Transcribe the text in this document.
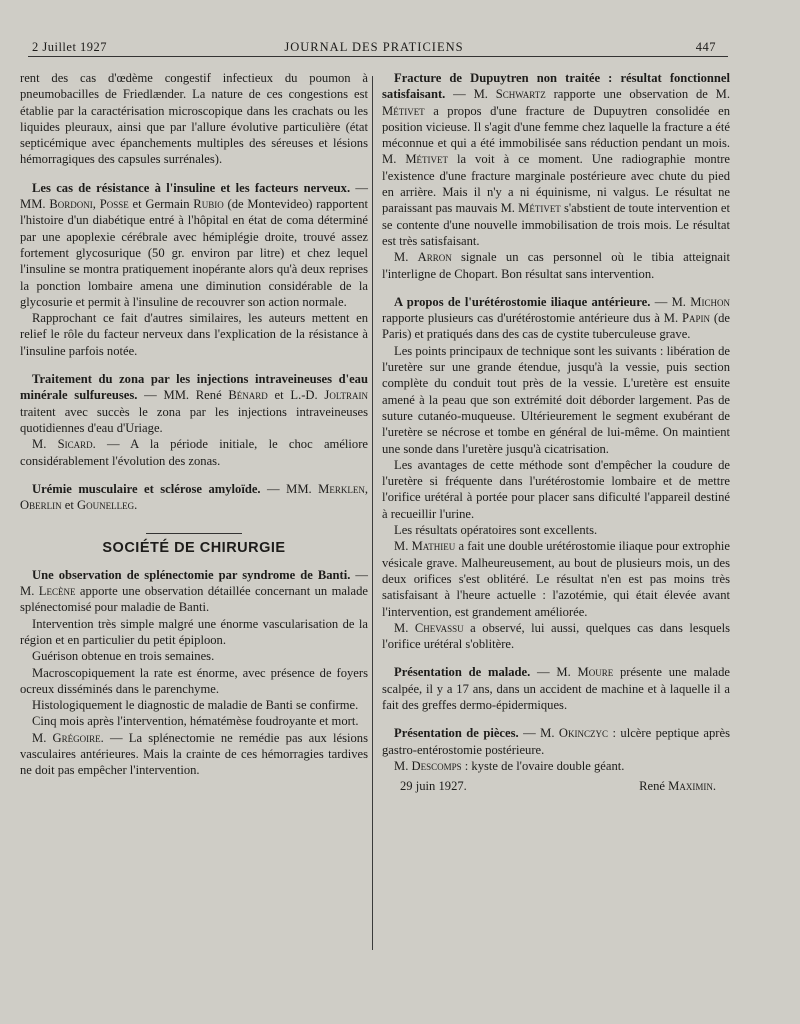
2 Juillet 1927	JOURNAL DES PRATICIENS	447

rent des cas d'œdème congestif infectieux du poumon à pneumobacilles de Friedlænder. La nature de ces congestions est établie par la caractérisation microscopique dans les crachats ou les liquides pleuraux, ainsi que par l'allure évolutive particulière (état septicémique avec épanchements multiples des séreuses et lésions hémorragiques des capsules surrénales).

Les cas de résistance à l'insuline et les facteurs nerveux. — MM. Bordoni, Posse et Germain Rubio (de Montevideo) rapportent l'histoire d'un diabétique entré à l'hôpital en état de coma déterminé par une apoplexie cérébrale avec hémiplégie droite, trouvé assez fortement glycosurique (50 gr. environ par litre) et chez lequel l'insuline se montra pratiquement inopérante alors qu'à deux reprises la ponction lombaire amena une diminution considérable de la glycosurie et permit à l'insuline de recouvrer son action normale.

Rapprochant ce fait d'autres similaires, les auteurs mettent en relief le rôle du facteur nerveux dans l'explication de la résistance à l'insuline parfois notée.

Traitement du zona par les injections intraveineuses d'eau minérale sulfureuses. — MM. René Bénard et L.-D. Joltrain traitent avec succès le zona par les injections intraveineuses quotidiennes d'eau d'Uriage.

M. Sicard. — A la période initiale, le choc améliore considérablement l'évolution des zonas.

Urémie musculaire et sclérose amyloïde. — MM. Merklen, Oberlin et Gounelleg.

SOCIÉTÉ DE CHIRURGIE

Une observation de splénectomie par syndrome de Banti. — M. Lecène apporte une observation détaillée concernant un malade splénectomisé pour maladie de Banti.

Intervention très simple malgré une énorme vascularisation de la région et en particulier du petit épiploon.

Guérison obtenue en trois semaines.

Macroscopiquement la rate est énorme, avec présence de foyers ocreux disséminés dans le parenchyme.

Histologiquement le diagnostic de maladie de Banti se confirme.

Cinq mois après l'intervention, hématémèse foudroyante et mort.

M. Grégoire. — La splénectomie ne remédie pas aux lésions vasculaires antérieures. Mais la crainte de ces hémorragies tardives ne doit pas empêcher l'intervention.

Fracture de Dupuytren non traitée : résultat fonctionnel satisfaisant. — M. Schwartz rapporte une observation de M. Métivet a propos d'une fracture de Dupuytren consolidée en position vicieuse. Il s'agit d'une femme chez laquelle la fracture a été méconnue et qui a été immobilisée sans réduction pendant un mois. M. Métivet la voit à ce moment. Une radiographie montre l'existence d'une fracture marginale postérieure avec chute du pied en arrière. Mais il n'y a ni équinisme, ni valgus. Le résultat ne paraissant pas mauvais M. Métivet s'abstient de toute intervention et se contente d'une nouvelle immobilisation de trois mois. Le résultat est très satisfaisant.

M. Arron signale un cas personnel où le tibia atteignait l'interligne de Chopart. Bon résultat sans intervention.

A propos de l'urétérostomie iliaque antérieure. — M. Michon rapporte plusieurs cas d'urétérostomie antérieure dus à M. Papin (de Paris) et pratiqués dans des cas de cystite tuberculeuse grave.

Les points principaux de technique sont les suivants : libération de l'uretère sur une grande étendue, jusqu'à la vessie, puis section complète du conduit tout près de la vessie. L'uretère est ensuite amené à la peau que son extrémité doit déborder largement. Pas de suture cutanéo-muqueuse. Ultérieurement le segment exubérant de l'uretère se nécrose et tombe en général de lui-même. On maintient une sonde dans l'uretère jusqu'à cicatrisation.

Les avantages de cette méthode sont d'empêcher la coudure de l'uretère si fréquente dans l'urétérostomie lombaire et de mettre l'orifice urétéral à portée pour placer sans dificulté l'appareil destiné à recueillir l'urine.

Les résultats opératoires sont excellents.

M. Mathieu a fait une double urétérostomie iliaque pour extrophie vésicale grave. Malheureusement, au bout de plusieurs mois, un des deux orifices s'est oblitéré. Le résultat n'en est pas moins très satisfaisant à l'heure actuelle : l'azotémie, qui était élevée avant l'intervention, est grandement améliorée.

M. Chevassu a observé, lui aussi, quelques cas dans lesquels l'orifice urétéral s'oblitère.

Présentation de malade. — M. Moure présente une malade scalpée, il y a 17 ans, dans un accident de machine et à laquelle il a fait des greffes dermo-épidermiques.

Présentation de pièces. — M. Okinczyc : ulcère peptique après gastro-entérostomie postérieure.

M. Descomps : kyste de l'ovaire double géant.

29 juin 1927.	René Maximin.
